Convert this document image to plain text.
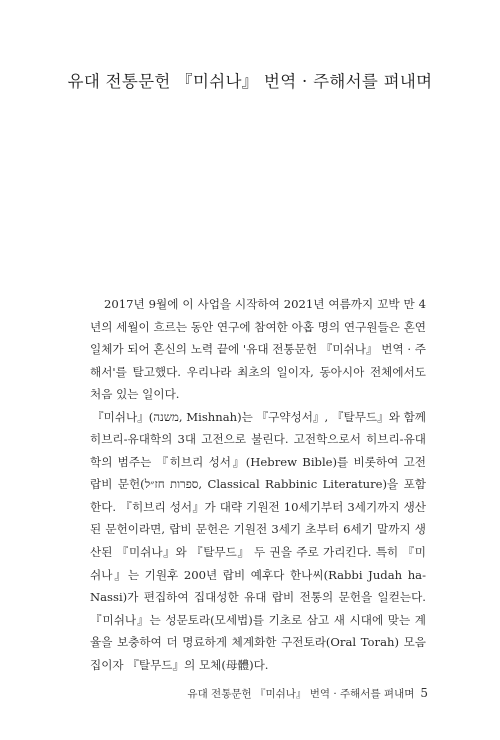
유대 전통문헌 『미쉬나』 번역 · 주해서를 펴내며

2017년 9월에 이 사업을 시작하여 2021년 여름까지 꼬박 만 4년의 세월이 흐르는 동안 연구에 참여한 아홉 명의 연구원들은 혼연일체가 되어 혼신의 노력 끝에 '유대 전통문헌 『미쉬나』 번역 · 주해서'를 탈고했다. 우리나라 최초의 일이자, 동아시아 전체에서도 처음 있는 일이다.

『미쉬나』(משנה, Mishnah)는 『구약성서』, 『탈무드』와 함께 히브리-유대학의 3대 고전으로 불린다. 고전학으로서 히브리-유대학의 범주는 『히브리 성서』(Hebrew Bible)를 비롯하여 고전 랍비 문헌(ספרות חז״ל, Classical Rabbinic Literature)을 포함한다. 『히브리 성서』가 대략 기원전 10세기부터 3세기까지 생산된 문헌이라면, 랍비 문헌은 기원전 3세기 초부터 6세기 말까지 생산된 『미쉬나』와 『탈무드』 두 권을 주로 가리킨다. 특히 『미쉬나』는 기원후 200년 랍비 예후다 한나씨(Rabbi Judah ha-Nassi)가 편집하여 집대성한 유대 랍비 전통의 문헌을 일컫는다. 『미쉬나』는 성문토라(모세법)를 기초로 삼고 새 시대에 맞는 계율을 보충하여 더 명료하게 체계화한 구전토라(Oral Torah) 모음집이자 『탈무드』의 모체(母體)다.

유대 전통문헌 『미쉬나』 번역 · 주해서를 펴내며 5
